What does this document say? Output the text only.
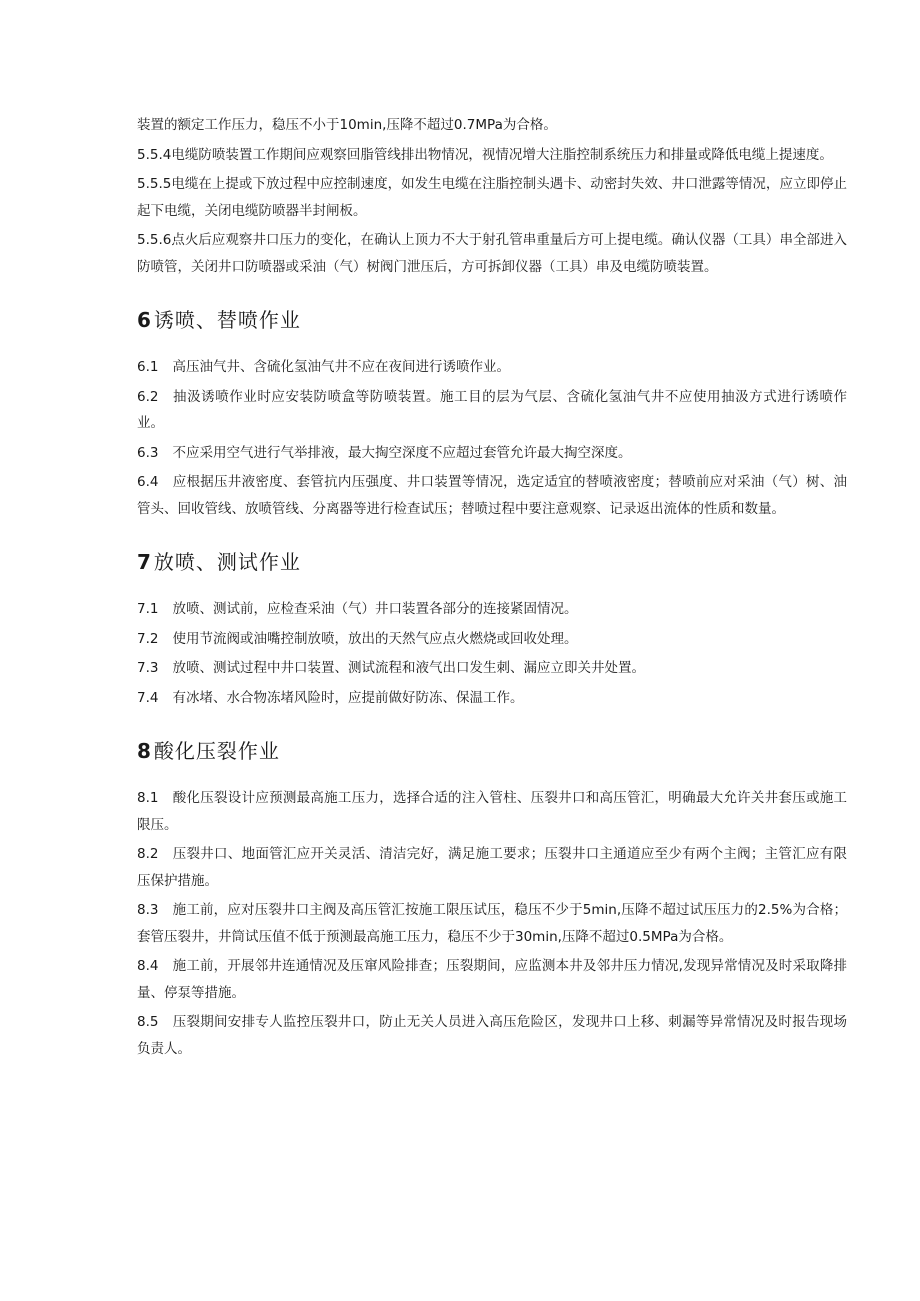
装置的额定工作压力，稳压不小于10min,压降不超过0.7MPa为合格。

5.5.4电缆防喷装置工作期间应观察回脂管线排出物情况，视情况增大注脂控制系统压力和排量或降低电缆上提速度。

5.5.5电缆在上提或下放过程中应控制速度，如发生电缆在注脂控制头遇卡、动密封失效、井口泄露等情况，应立即停止起下电缆，关闭电缆防喷器半封闸板。

5.5.6点火后应观察井口压力的变化，在确认上顶力不大于射孔管串重量后方可上提电缆。确认仪器（工具）串全部进入防喷管，关闭井口防喷器或采油（气）树阀门泄压后，方可拆卸仪器（工具）串及电缆防喷装置。

6 诱喷、替喷作业

6.1 高压油气井、含硫化氢油气井不应在夜间进行诱喷作业。

6.2 抽汲诱喷作业时应安装防喷盒等防喷装置。施工目的层为气层、含硫化氢油气井不应使用抽汲方式进行诱喷作业。

6.3 不应采用空气进行气举排液，最大掏空深度不应超过套管允许最大掏空深度。

6.4 应根据压井液密度、套管抗内压强度、井口装置等情况，选定适宜的替喷液密度；替喷前应对采油（气）树、油管头、回收管线、放喷管线、分离器等进行检查试压；替喷过程中要注意观察、记录返出流体的性质和数量。

7 放喷、测试作业

7.1 放喷、测试前，应检查采油（气）井口装置各部分的连接紧固情况。

7.2 使用节流阀或油嘴控制放喷，放出的天然气应点火燃烧或回收处理。

7.3 放喷、测试过程中井口装置、测试流程和液气出口发生刺、漏应立即关井处置。

7.4 有冰堵、水合物冻堵风险时，应提前做好防冻、保温工作。

8 酸化压裂作业

8.1 酸化压裂设计应预测最高施工压力，选择合适的注入管柱、压裂井口和高压管汇，明确最大允许关井套压或施工限压。

8.2 压裂井口、地面管汇应开关灵活、清洁完好，满足施工要求；压裂井口主通道应至少有两个主阀；主管汇应有限压保护措施。

8.3 施工前，应对压裂井口主阀及高压管汇按施工限压试压，稳压不少于5min,压降不超过试压压力的2.5%为合格；套管压裂井，井筒试压值不低于预测最高施工压力，稳压不少于30min,压降不超过0.5MPa为合格。

8.4 施工前，开展邻井连通情况及压窜风险排查；压裂期间，应监测本井及邻井压力情况,发现异常情况及时采取降排量、停泵等措施。

8.5 压裂期间安排专人监控压裂井口，防止无关人员进入高压危险区，发现井口上移、刺漏等异常情况及时报告现场负责人。
